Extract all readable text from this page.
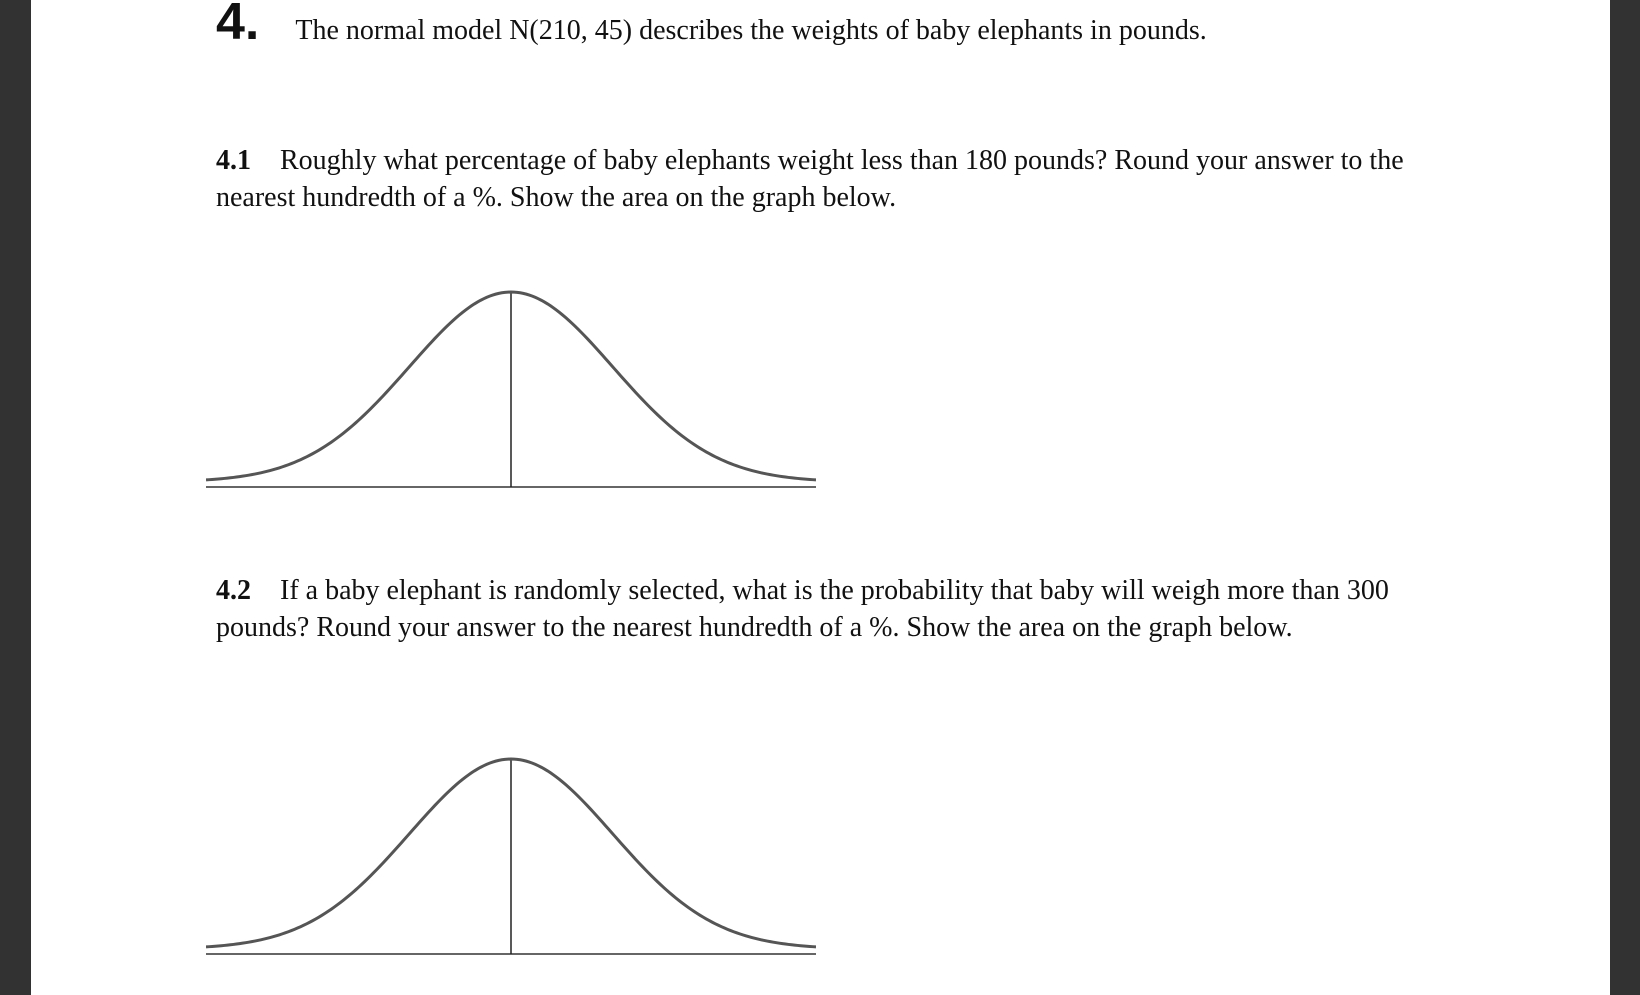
4. The normal model N(210, 45) describes the weights of baby elephants in pounds.
4.1 Roughly what percentage of baby elephants weight less than 180 pounds? Round your answer to the nearest hundredth of a %. Show the area on the graph below.
4.2 If a baby elephant is randomly selected, what is the probability that baby will weigh more than 300 pounds? Round your answer to the nearest hundredth of a %. Show the area on the graph below.
